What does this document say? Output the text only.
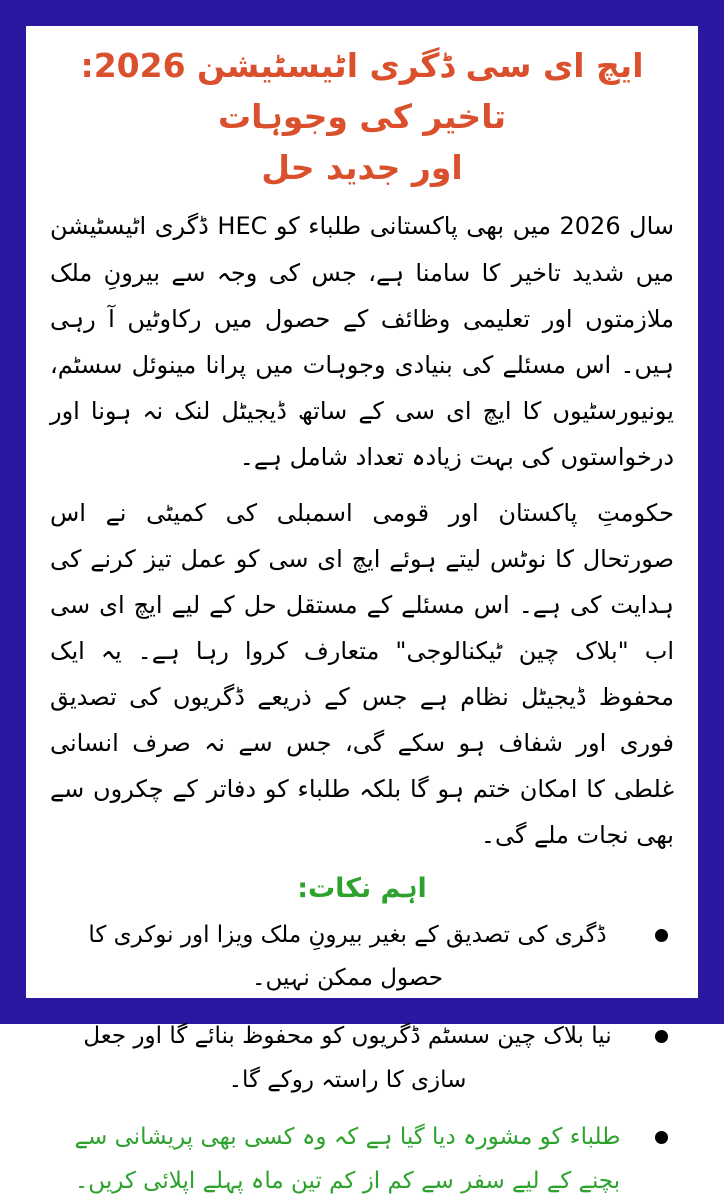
ایچ ای سی ڈگری اٹیسٹیشن 2026: تاخیر کی وجوہات
اور جدید حل

سال 2026 میں بھی پاکستانی طلباء کو HEC ڈگری اٹیسٹیشن میں شدید تاخیر کا سامنا ہے، جس کی وجہ سے بیرونِ ملک ملازمتوں اور تعلیمی وظائف کے حصول میں رکاوٹیں آ رہی ہیں۔ اس مسئلے کی بنیادی وجوہات میں پرانا مینوئل سسٹم، یونیورسٹیوں کا ایچ ای سی کے ساتھ ڈیجیٹل لنک نہ ہونا اور درخواستوں کی بہت زیادہ تعداد شامل ہے۔

حکومتِ پاکستان اور قومی اسمبلی کی کمیٹی نے اس صورتحال کا نوٹس لیتے ہوئے ایچ ای سی کو عمل تیز کرنے کی ہدایت کی ہے۔ اس مسئلے کے مستقل حل کے لیے ایچ ای سی اب "بلاک چین ٹیکنالوجی" متعارف کروا رہا ہے۔ یہ ایک محفوظ ڈیجیٹل نظام ہے جس کے ذریعے ڈگریوں کی تصدیق فوری اور شفاف ہو سکے گی، جس سے نہ صرف انسانی غلطی کا امکان ختم ہو گا بلکہ طلباء کو دفاتر کے چکروں سے بھی نجات ملے گی۔

اہم نکات:
ڈگری کی تصدیق کے بغیر بیرونِ ملک ویزا اور نوکری کا حصول ممکن نہیں۔
نیا بلاک چین سسٹم ڈگریوں کو محفوظ بنائے گا اور جعل سازی کا راستہ روکے گا۔
طلباء کو مشورہ دیا گیا ہے کہ وہ کسی بھی پریشانی سے بچنے کے لیے سفر سے کم از کم تین ماہ پہلے اپلائی کریں۔
